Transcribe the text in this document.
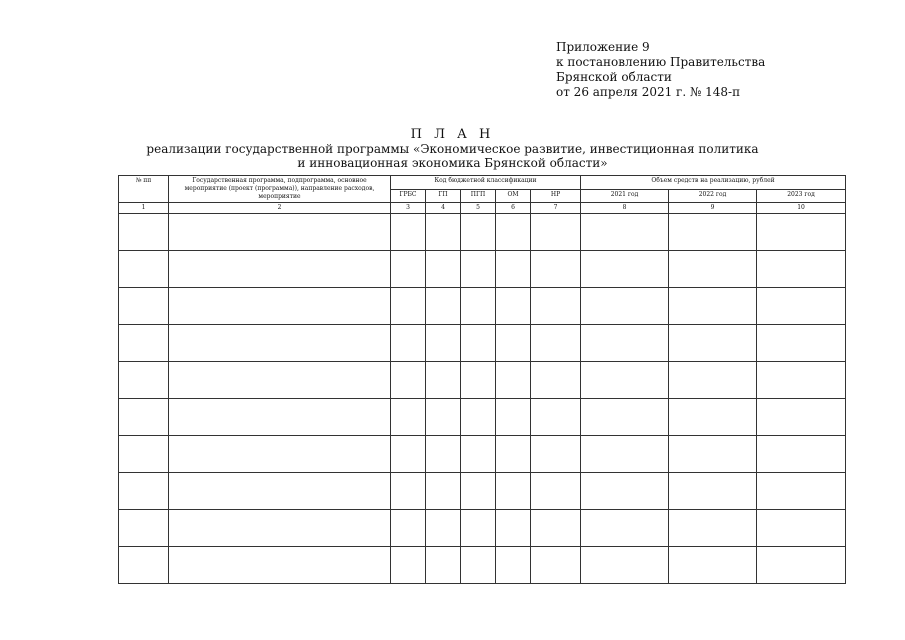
Приложение 9
к постановлению Правительства
Брянской области
от 26 апреля 2021 г. № 148-п
П Л А Н
реализации государственной программы «Экономическое развитие, инвестиционная политика
и инновационная экономика Брянской области»
№ пп	Государственная программа, подпрограмма, основное мероприятие (проект (программа)), направление расходов, мероприятие	Код бюджетной классификации					Объем средств на реализацию, рублей		
		ГРБС	ГП	ПГП	ОМ	НР	2021 год	2022 год	2023 год
1	2	3	4	5	6	7	8	9	10
